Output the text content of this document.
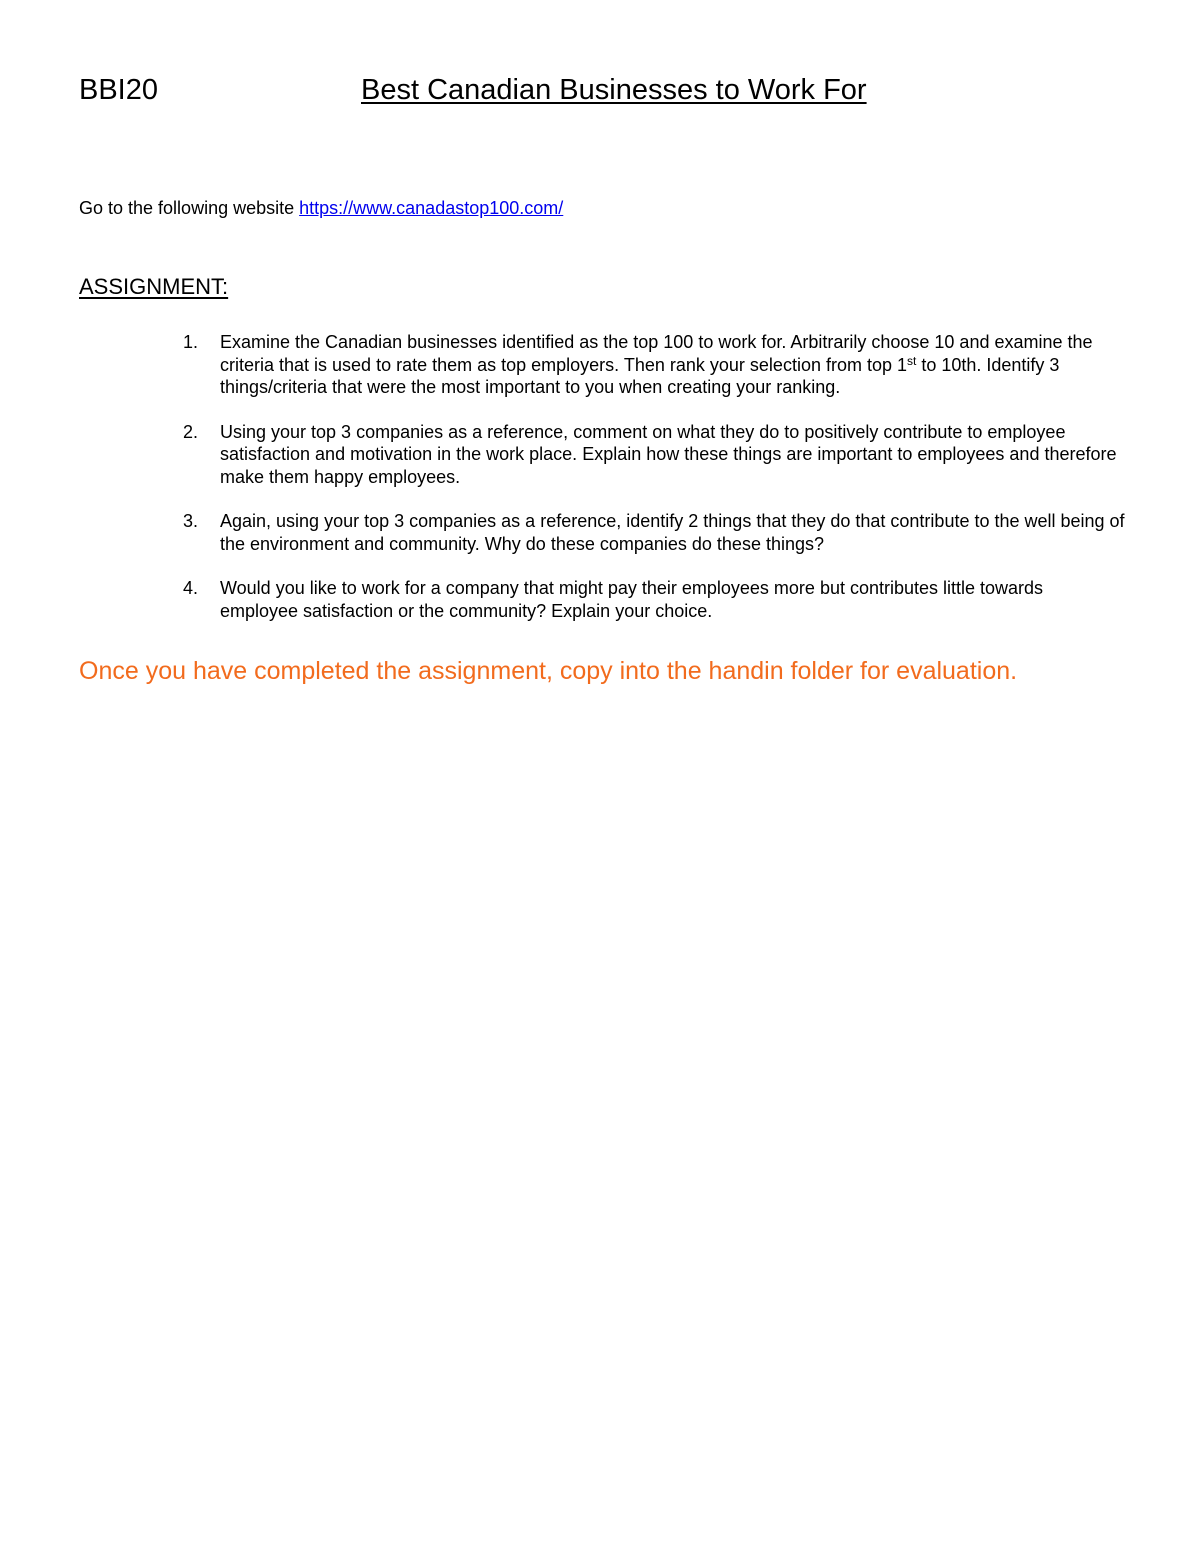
BBI20	Best Canadian Businesses to Work For
Go to the following website https://www.canadastop100.com/
ASSIGNMENT:
1.	Examine the Canadian businesses identified as the top 100 to work for. Arbitrarily choose 10 and examine the criteria that is used to rate them as top employers. Then rank your selection from top 1st to 10th. Identify 3 things/criteria that were the most important to you when creating your ranking.
2.	Using your top 3 companies as a reference, comment on what they do to positively contribute to employee satisfaction and motivation in the work place. Explain how these things are important to employees and therefore make them happy employees.
3.	Again, using your top 3 companies as a reference, identify 2 things that they do that contribute to the well being of the environment and community. Why do these companies do these things?
4.	Would you like to work for a company that might pay their employees more but contributes little towards employee satisfaction or the community? Explain your choice.
Once you have completed the assignment, copy into the handin folder for evaluation.
